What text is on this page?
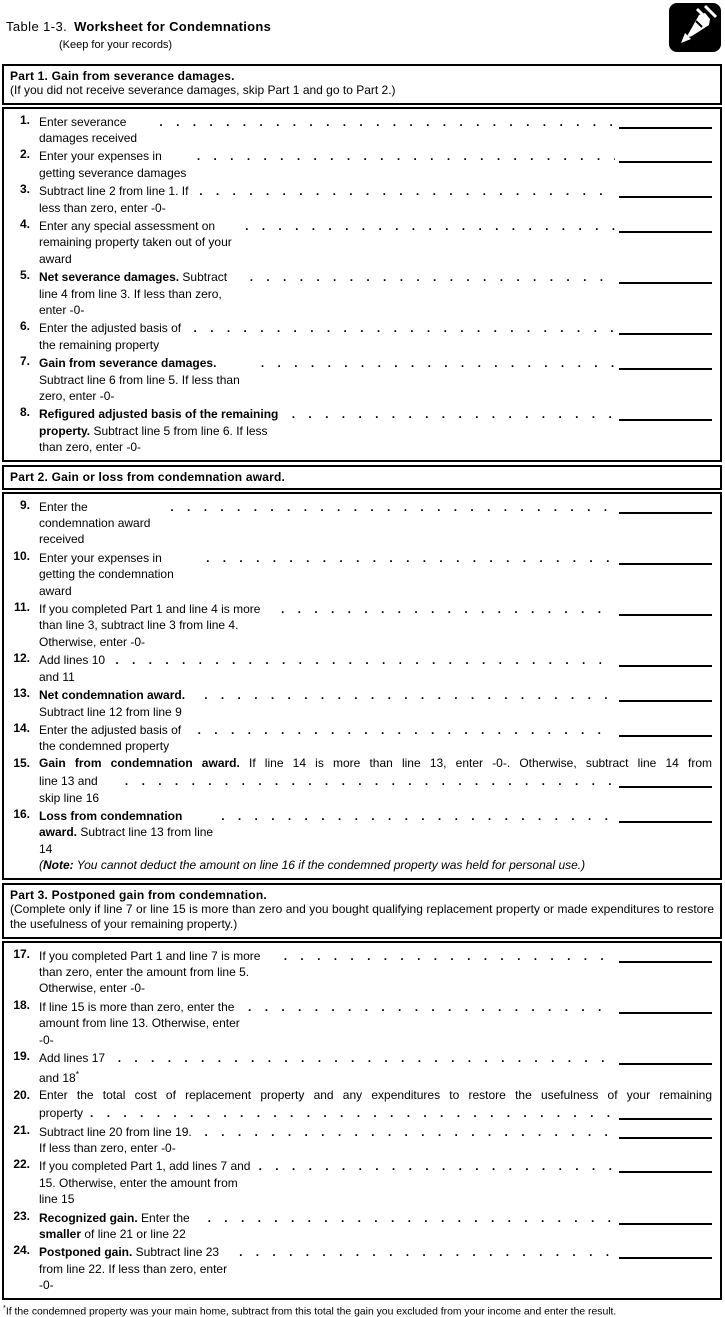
Table 1-3. Worksheet for Condemnations
(Keep for your records)
Part 1. Gain from severance damages.
(If you did not receive severance damages, skip Part 1 and go to Part 2.)
1. Enter severance damages received
. . .
2. Enter your expenses in getting severance damages
. . .
3. Subtract line 2 from line 1. If less than zero, enter -0-
. . .
4. Enter any special assessment on remaining property taken out of your award
. . .
5. Net severance damages. Subtract line 4 from line 3. If less than zero, enter -0-
. . .
6. Enter the adjusted basis of the remaining property
. . .
7. Gain from severance damages. Subtract line 6 from line 5. If less than zero, enter -0-
. . .
8. Refigured adjusted basis of the remaining property. Subtract line 5 from line 6. If less than zero, enter -0-
. . .
Part 2. Gain or loss from condemnation award.
9. Enter the condemnation award received
. . .
10. Enter your expenses in getting the condemnation award
. . .
11. If you completed Part 1 and line 4 is more than line 3, subtract line 3 from line 4. Otherwise, enter -0-
. . .
12. Add lines 10 and 11
. . .
13. Net condemnation award. Subtract line 12 from line 9
. . .
14. Enter the adjusted basis of the condemned property
. . .
15. Gain from condemnation award. If line 14 is more than line 13, enter -0-. Otherwise, subtract line 14 from
line 13 and skip line 16
. . .
16. Loss from condemnation award. Subtract line 13 from line 14
. . .
(Note: You cannot deduct the amount on line 16 if the condemned property was held for personal use.)
Part 3. Postponed gain from condemnation.
(Complete only if line 7 or line 15 is more than zero and you bought qualifying replacement property or made expenditures to restore the usefulness of your remaining property.)
17. If you completed Part 1 and line 7 is more than zero, enter the amount from line 5. Otherwise, enter -0-
. . .
18. If line 15 is more than zero, enter the amount from line 13. Otherwise, enter -0-
. . .
19. Add lines 17 and 18*
. . .
20. Enter the total cost of replacement property and any expenditures to restore the usefulness of your remaining
property
. . .
21. Subtract line 20 from line 19. If less than zero, enter -0-
. . .
22. If you completed Part 1, add lines 7 and 15. Otherwise, enter the amount from line 15
. . .
23. Recognized gain. Enter the smaller of line 21 or line 22
. . .
24. Postponed gain. Subtract line 23 from line 22. If less than zero, enter -0-
. . .
*If the condemned property was your main home, subtract from this total the gain you excluded from your income and enter the result.
